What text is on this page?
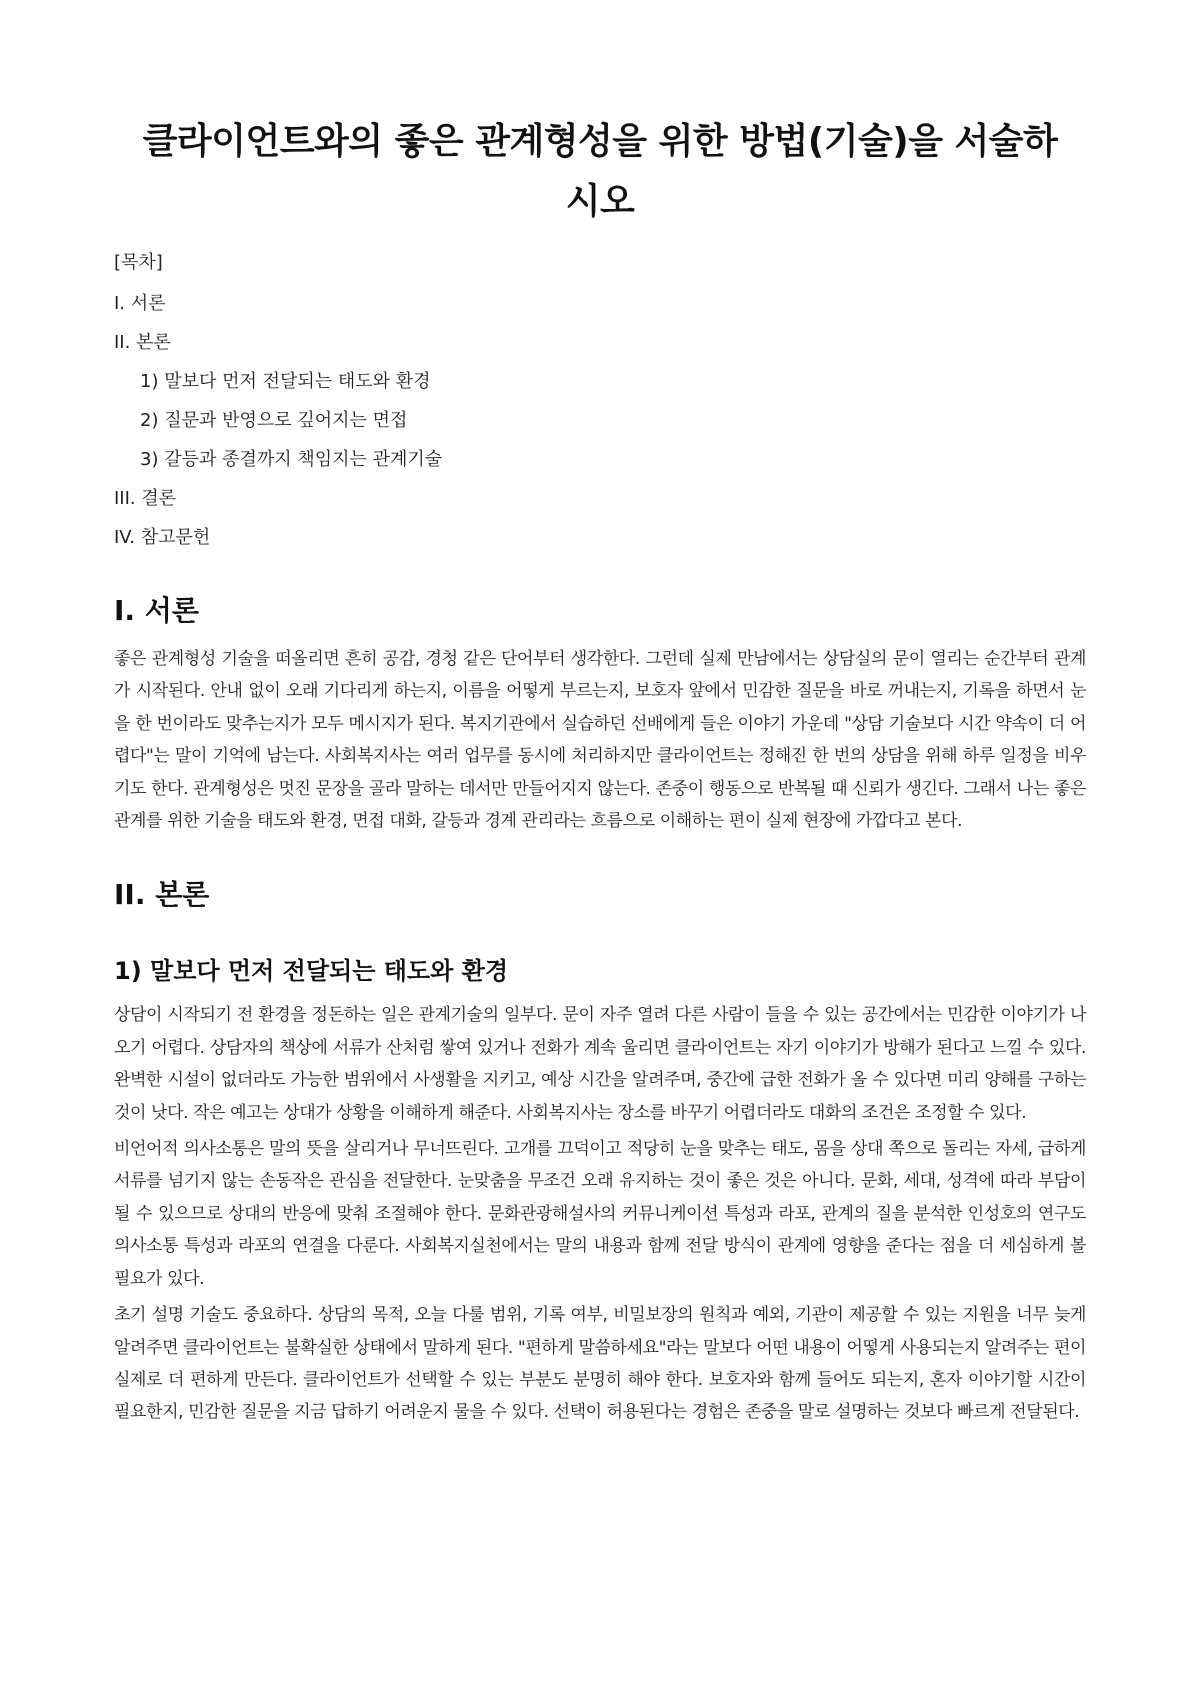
클라이언트와의 좋은 관계형성을 위한 방법(기술)을 서술하시오
[목차]
I. 서론
II. 본론
1) 말보다 먼저 전달되는 태도와 환경
2) 질문과 반영으로 깊어지는 면접
3) 갈등과 종결까지 책임지는 관계기술
III. 결론
IV. 참고문헌
I. 서론

좋은 관계형성 기술을 떠올리면 흔히 공감, 경청 같은 단어부터 생각한다. 그런데 실제 만남에서는 상담실의 문이 열리는 순간부터 관계가 시작된다. 안내 없이 오래 기다리게 하는지, 이름을 어떻게 부르는지, 보호자 앞에서 민감한 질문을 바로 꺼내는지, 기록을 하면서 눈을 한 번이라도 맞추는지가 모두 메시지가 된다. 복지기관에서 실습하던 선배에게 들은 이야기 가운데 "상담 기술보다 시간 약속이 더 어렵다"는 말이 기억에 남는다. 사회복지사는 여러 업무를 동시에 처리하지만 클라이언트는 정해진 한 번의 상담을 위해 하루 일정을 비우기도 한다. 관계형성은 멋진 문장을 골라 말하는 데서만 만들어지지 않는다. 존중이 행동으로 반복될 때 신뢰가 생긴다. 그래서 나는 좋은 관계를 위한 기술을 태도와 환경, 면접 대화, 갈등과 경계 관리라는 흐름으로 이해하는 편이 실제 현장에 가깝다고 본다.

II. 본론
1) 말보다 먼저 전달되는 태도와 환경

상담이 시작되기 전 환경을 정돈하는 일은 관계기술의 일부다. 문이 자주 열려 다른 사람이 들을 수 있는 공간에서는 민감한 이야기가 나오기 어렵다. 상담자의 책상에 서류가 산처럼 쌓여 있거나 전화가 계속 울리면 클라이언트는 자기 이야기가 방해가 된다고 느낄 수 있다. 완벽한 시설이 없더라도 가능한 범위에서 사생활을 지키고, 예상 시간을 알려주며, 중간에 급한 전화가 올 수 있다면 미리 양해를 구하는 것이 낫다. 작은 예고는 상대가 상황을 이해하게 해준다. 사회복지사는 장소를 바꾸기 어렵더라도 대화의 조건은 조정할 수 있다.

비언어적 의사소통은 말의 뜻을 살리거나 무너뜨린다. 고개를 끄덕이고 적당히 눈을 맞추는 태도, 몸을 상대 쪽으로 돌리는 자세, 급하게 서류를 넘기지 않는 손동작은 관심을 전달한다. 눈맞춤을 무조건 오래 유지하는 것이 좋은 것은 아니다. 문화, 세대, 성격에 따라 부담이 될 수 있으므로 상대의 반응에 맞춰 조절해야 한다. 문화관광해설사의 커뮤니케이션 특성과 라포, 관계의 질을 분석한 인성호의 연구도 의사소통 특성과 라포의 연결을 다룬다. 사회복지실천에서는 말의 내용과 함께 전달 방식이 관계에 영향을 준다는 점을 더 세심하게 볼 필요가 있다.

초기 설명 기술도 중요하다. 상담의 목적, 오늘 다룰 범위, 기록 여부, 비밀보장의 원칙과 예외, 기관이 제공할 수 있는 지원을 너무 늦게 알려주면 클라이언트는 불확실한 상태에서 말하게 된다. "편하게 말씀하세요"라는 말보다 어떤 내용이 어떻게 사용되는지 알려주는 편이 실제로 더 편하게 만든다. 클라이언트가 선택할 수 있는 부분도 분명히 해야 한다. 보호자와 함께 들어도 되는지, 혼자 이야기할 시간이 필요한지, 민감한 질문을 지금 답하기 어려운지 물을 수 있다. 선택이 허용된다는 경험은 존중을 말로 설명하는 것보다 빠르게 전달된다.
